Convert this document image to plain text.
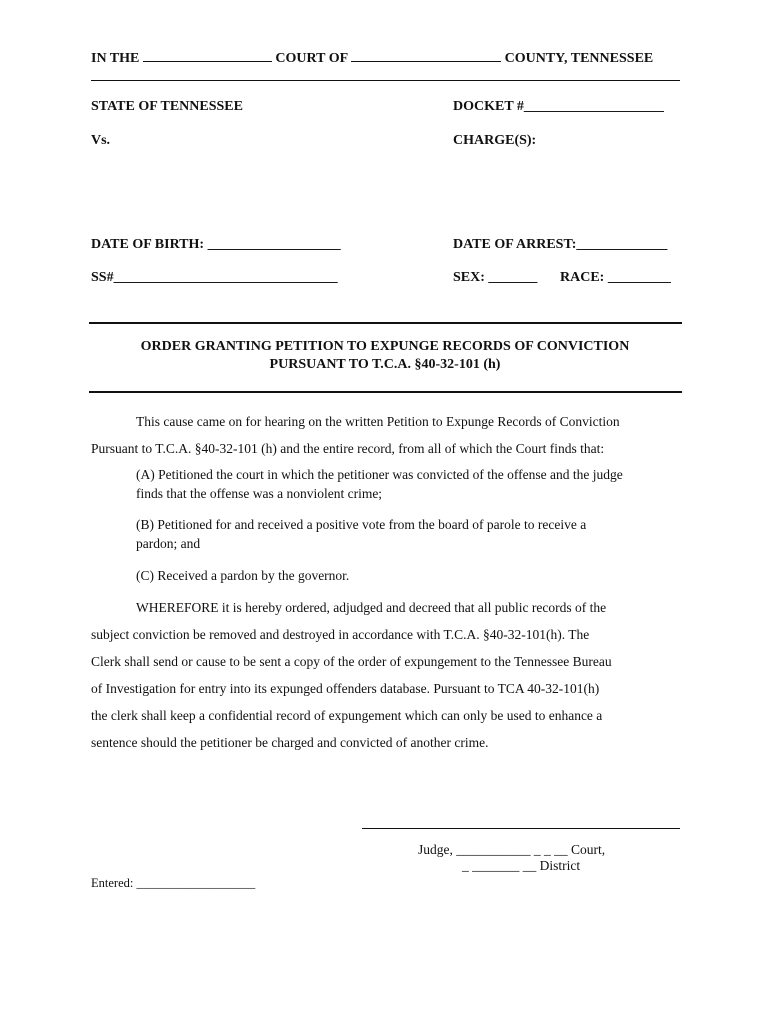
IN THE	COURT OF	COUNTY, TENNESSEE
STATE OF TENNESSEE	DOCKET #____________________
Vs.	CHARGE(S):
DATE OF BIRTH: ___________________	DATE OF ARREST:_____________
SS#________________________________	SEX: _______ RACE: _________
ORDER GRANTING PETITION TO EXPUNGE RECORDS OF CONVICTION
PURSUANT TO T.C.A. §40-32-101 (h)
This cause came on for hearing on the written Petition to Expunge Records of Conviction
Pursuant to T.C.A. §40-32-101 (h) and the entire record, from all of which the Court finds that:
(A) Petitioned the court in which the petitioner was convicted of the offense and the judge
finds that the offense was a nonviolent crime;
(B) Petitioned for and received a positive vote from the board of parole to receive a
pardon; and
(C) Received a pardon by the governor.
WHEREFORE it is hereby ordered, adjudged and decreed that all public records of the
subject conviction be removed and destroyed in accordance with T.C.A. §40-32-101(h). The
Clerk shall send or cause to be sent a copy of the order of expungement to the Tennessee Bureau
of Investigation for entry into its expunged offenders database. Pursuant to TCA 40-32-101(h)
the clerk shall keep a confidential record of expungement which can only be used to enhance a
sentence should the petitioner be charged and convicted of another crime.
Judge, ___________ _ _ __ Court,
_ _______ __ District
Entered: ___________________
